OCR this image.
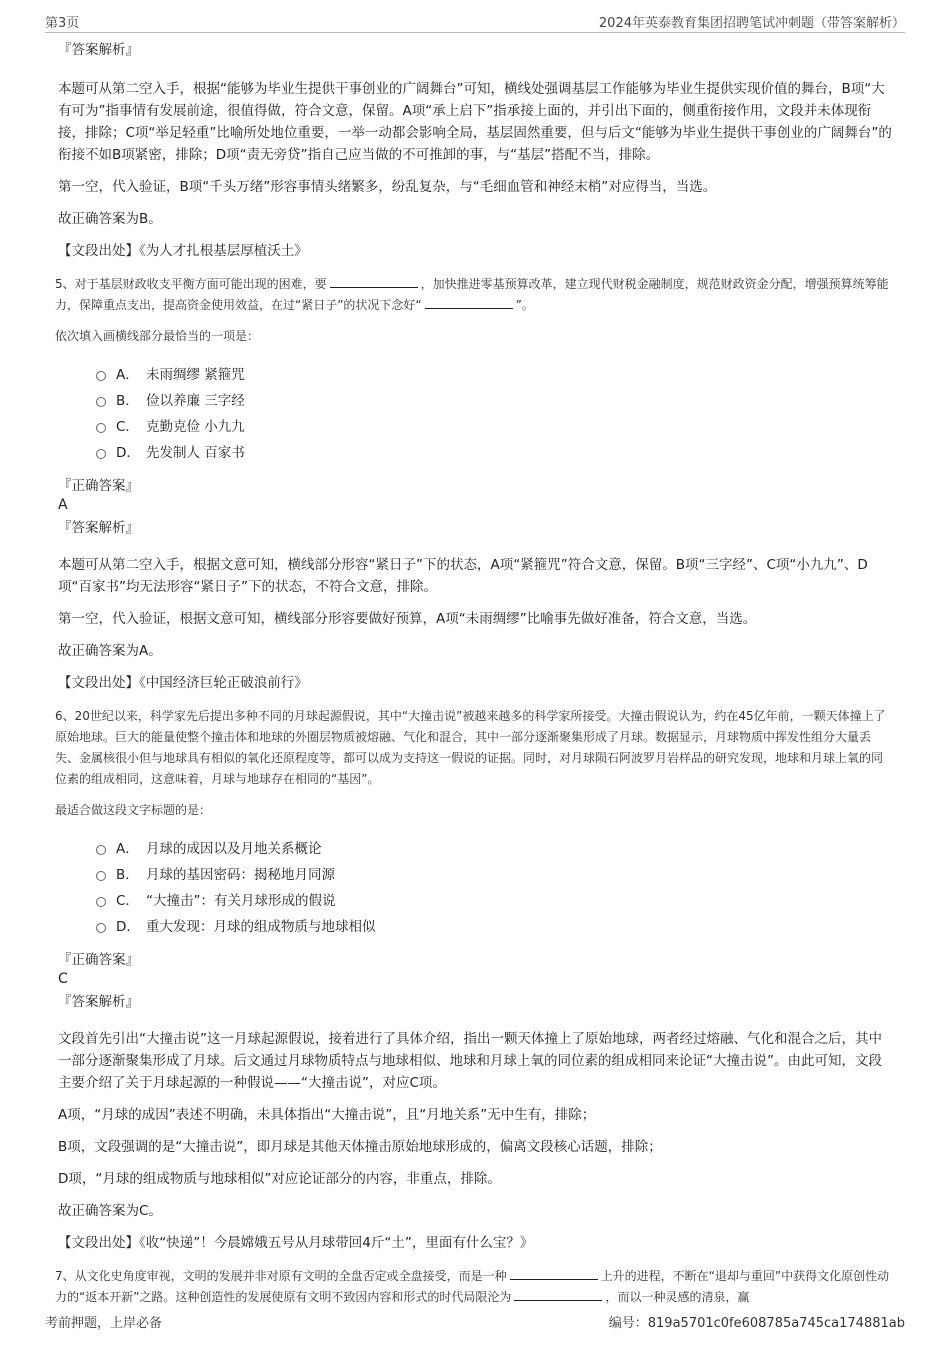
第3页	2024年英泰教育集团招聘笔试冲刺题（带答案解析）

『答案解析』

本题可从第二空入手，根据“能够为毕业生提供干事创业的广阔舞台”可知，横线处强调基层工作能够为毕业生提供实现价值的舞台，B项“大有可为”指事情有发展前途，很值得做，符合文意，保留。A项“承上启下”指承接上面的，并引出下面的，侧重衔接作用，文段并未体现衔接，排除；C项“举足轻重”比喻所处地位重要，一举一动都会影响全局，基层固然重要，但与后文“能够为毕业生提供干事创业的广阔舞台”的衔接不如B项紧密，排除；D项“责无旁贷”指自己应当做的不可推卸的事，与“基层”搭配不当，排除。

第一空，代入验证，B项“千头万绪”形容事情头绪繁多，纷乱复杂，与“毛细血管和神经末梢”对应得当，当选。

故正确答案为B。

【文段出处】《为人才扎根基层厚植沃土》

5、对于基层财政收支平衡方面可能出现的困难，要	，加快推进零基预算改革，建立现代财税金融制度，规范财政资金分配，增强预算统筹能力，保障重点支出，提高资金使用效益，在过“紧日子”的状况下念好“	”。

依次填入画横线部分最恰当的一项是：

A． 未雨绸缪 紧箍咒
B． 俭以养廉 三字经
C． 克勤克俭 小九九
D． 先发制人 百家书

『正确答案』

A

『答案解析』

本题可从第二空入手，根据文意可知，横线部分形容“紧日子”下的状态，A项“紧箍咒”符合文意，保留。B项“三字经”、C项“小九九”、D项“百家书”均无法形容“紧日子”下的状态，不符合文意，排除。

第一空，代入验证，根据文意可知，横线部分形容要做好预算，A项“未雨绸缪”比喻事先做好准备，符合文意，当选。

故正确答案为A。

【文段出处】《中国经济巨轮正破浪前行》

6、20世纪以来，科学家先后提出多种不同的月球起源假说，其中“大撞击说”被越来越多的科学家所接受。大撞击假说认为，约在45亿年前，一颗天体撞上了原始地球。巨大的能量使整个撞击体和地球的外圈层物质被熔融、气化和混合，其中一部分逐渐聚集形成了月球。数据显示，月球物质中挥发性组分大量丢失、金属核很小但与地球具有相似的氧化还原程度等，都可以成为支持这一假说的证据。同时，对月球陨石阿波罗月岩样品的研究发现，地球和月球上氧的同位素的组成相同，这意味着，月球与地球存在相同的“基因”。

最适合做这段文字标题的是：

A． 月球的成因以及月地关系概论
B． 月球的基因密码：揭秘地月同源
C． “大撞击”：有关月球形成的假说
D． 重大发现：月球的组成物质与地球相似

『正确答案』

C

『答案解析』

文段首先引出“大撞击说”这一月球起源假说，接着进行了具体介绍，指出一颗天体撞上了原始地球，两者经过熔融、气化和混合之后，其中一部分逐渐聚集形成了月球。后文通过月球物质特点与地球相似、地球和月球上氧的同位素的组成相同来论证“大撞击说”。由此可知，文段主要介绍了关于月球起源的一种假说——“大撞击说”，对应C项。

A项，“月球的成因”表述不明确，未具体指出“大撞击说”，且“月地关系”无中生有，排除；

B项，文段强调的是“大撞击说”，即月球是其他天体撞击原始地球形成的，偏离文段核心话题，排除；

D项，“月球的组成物质与地球相似”对应论证部分的内容，非重点，排除。

故正确答案为C。

【文段出处】《收“快递”！今晨嫦娥五号从月球带回4斤“土”，里面有什么宝？》

7、从文化史角度审视，文明的发展并非对原有文明的全盘否定或全盘接受，而是一种	上升的进程，不断在“退却与重回”中获得文化原创性动力的“返本开新”之路。这种创造性的发展使原有文明不致因内容和形式的时代局限沦为	，而以一种灵感的清泉，赢

考前押题，上岸必备	编号：819a5701c0fe608785a745ca174881ab
